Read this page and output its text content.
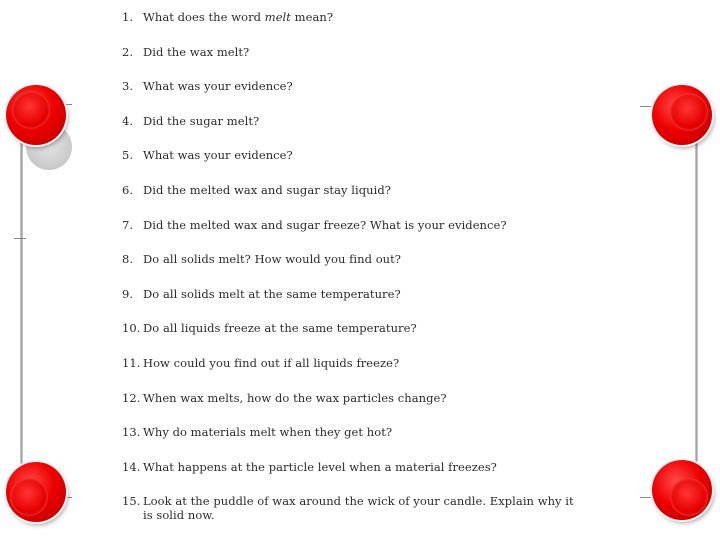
1. What does the word melt mean?
2. Did the wax melt?
3. What was your evidence?
4. Did the sugar melt?
5. What was your evidence?
6. Did the melted wax and sugar stay liquid?
7. Did the melted wax and sugar freeze? What is your evidence?
8. Do all solids melt? How would you find out?
9. Do all solids melt at the same temperature?
10. Do all liquids freeze at the same temperature?
11. How could you find out if all liquids freeze?
12. When wax melts, how do the wax particles change?
13. Why do materials melt when they get hot?
14. What happens at the particle level when a material freezes?
15. Look at the puddle of wax around the wick of your candle. Explain why it is solid now.
